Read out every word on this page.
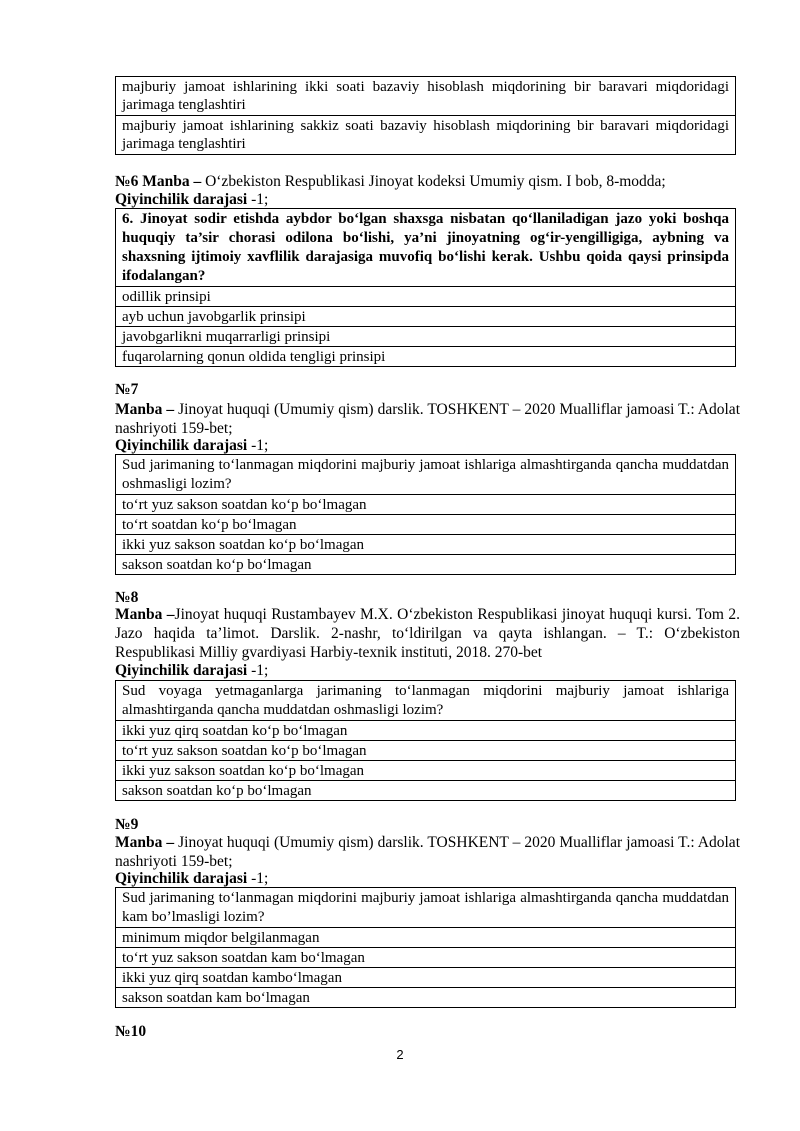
majburiy jamoat ishlarining ikki soati bazaviy hisoblash miqdorining bir baravari miqdoridagi jarimaga tenglashtiri
majburiy jamoat ishlarining sakkiz soati bazaviy hisoblash miqdorining bir baravari miqdoridagi jarimaga tenglashtiri
№6 Manba – O‘zbekiston Respublikasi Jinoyat kodeksi Umumiy qism. I bob, 8-modda;
Qiyinchilik darajasi -1;
6. Jinoyat sodir etishda aybdor bo‘lgan shaxsga nisbatan qo‘llaniladigan jazo yoki boshqa huquqiy ta’sir chorasi odilona bo‘lishi, ya’ni jinoyatning og‘ir-yengilligiga, aybning va shaxsning ijtimoiy xavflilik darajasiga muvofiq bo‘lishi kerak. Ushbu qoida qaysi prinsipda ifodalangan?
odillik prinsipi
ayb uchun javobgarlik prinsipi
javobgarlikni muqarrarligi prinsipi
fuqarolarning qonun oldida tengligi prinsipi
№7
Manba – Jinoyat huquqi (Umumiy qism) darslik. TOSHKENT – 2020 Mualliflar jamoasi T.: Adolat nashriyoti 159-bet;
Qiyinchilik darajasi -1;
Sud jarimaning to‘lanmagan miqdorini majburiy jamoat ishlariga almashtirganda qancha muddatdan oshmasligi lozim?
to‘rt yuz sakson soatdan ko‘p bo‘lmagan
to‘rt soatdan ko‘p bo‘lmagan
ikki yuz sakson soatdan ko‘p bo‘lmagan
sakson soatdan ko‘p bo‘lmagan
№8
Manba –Jinoyat huquqi Rustambayev M.X. O‘zbekiston Respublikasi jinoyat huquqi kursi. Tom 2. Jazo haqida ta’limot. Darslik. 2-nashr, to‘ldirilgan va qayta ishlangan. – T.: O‘zbekiston Respublikasi Milliy gvardiyasi Harbiy-texnik instituti, 2018. 270-bet
Qiyinchilik darajasi -1;
Sud voyaga yetmaganlarga jarimaning to‘lanmagan miqdorini majburiy jamoat ishlariga almashtirganda qancha muddatdan oshmasligi lozim?
ikki yuz qirq soatdan ko‘p bo‘lmagan
to‘rt yuz sakson soatdan ko‘p bo‘lmagan
ikki yuz sakson soatdan ko‘p bo‘lmagan
sakson soatdan ko‘p bo‘lmagan
№9
Manba – Jinoyat huquqi (Umumiy qism) darslik. TOSHKENT – 2020 Mualliflar jamoasi T.: Adolat nashriyoti 159-bet;
Qiyinchilik darajasi -1;
Sud jarimaning to‘lanmagan miqdorini majburiy jamoat ishlariga almashtirganda qancha muddatdan kam bo’lmasligi lozim?
minimum miqdor belgilanmagan
to‘rt yuz sakson soatdan kam bo‘lmagan
ikki yuz qirq soatdan kambo‘lmagan
sakson soatdan kam bo‘lmagan
№10
2
